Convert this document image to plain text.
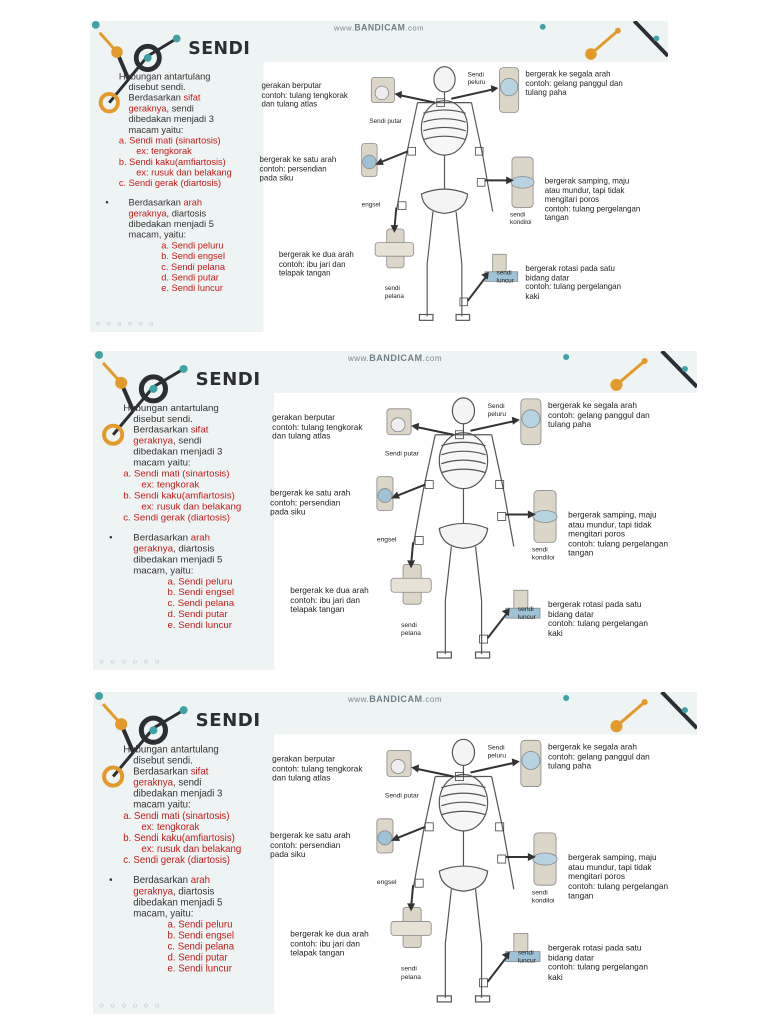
www.BANDICAM.com
SENDI

Hubungan antartulang

disebut sendi.

Berdasarkan sifat

geraknya, sendi

dibedakan menjadi 3

macam yaitu:

a. Sendi mati (sinartosis)

ex: tengkorak

b. Sendi kaku(amfiartosis)

ex: rusuk dan belakang

c. Sendi gerak (diartosis)

• Berdasarkan arah

geraknya, diartosis

dibedakan menjadi 5

macam, yaitu:

a. Sendi peluru

b. Sendi engsel

c. Sendi pelana

d. Sendi putar

e. Sendi luncur

gerakan berputar
contoh: tulang tengkorak
dan tulang atlas
bergerak ke satu arah
contoh: persendian
pada siku
bergerak ke dua arah
contoh: ibu jari dan
telapak tangan
bergerak ke segala arah
contoh: gelang panggul dan
tulang paha
bergerak samping, maju
atau mundur, tapi tidak
mengitari poros
contoh: tulang pergelangan
tangan
bergerak rotasi pada satu
bidang datar
contoh: tulang pergelangan
kaki
Sendi putar
engsel
sendi
pelana
Sendi
peluru
sendi
kondiloi
sendi
luncur
○ ○ ○ ○ ○ ○
www.BANDICAM.com
SENDI

Hubungan antartulang

disebut sendi.

Berdasarkan sifat

geraknya, sendi

dibedakan menjadi 3

macam yaitu:

a. Sendi mati (sinartosis)

ex: tengkorak

b. Sendi kaku(amfiartosis)

ex: rusuk dan belakang

c. Sendi gerak (diartosis)

• Berdasarkan arah

geraknya, diartosis

dibedakan menjadi 5

macam, yaitu:

a. Sendi peluru

b. Sendi engsel

c. Sendi pelana

d. Sendi putar

e. Sendi luncur

gerakan berputar
contoh: tulang tengkorak
dan tulang atlas
bergerak ke satu arah
contoh: persendian
pada siku
bergerak ke dua arah
contoh: ibu jari dan
telapak tangan
bergerak ke segala arah
contoh: gelang panggul dan
tulang paha
bergerak samping, maju
atau mundur, tapi tidak
mengitari poros
contoh: tulang pergelangan
tangan
bergerak rotasi pada satu
bidang datar
contoh: tulang pergelangan
kaki
Sendi putar
engsel
sendi
pelana
Sendi
peluru
sendi
kondiloi
sendi
luncur
○ ○ ○ ○ ○ ○
www.BANDICAM.com
SENDI

Hubungan antartulang

disebut sendi.

Berdasarkan sifat

geraknya, sendi

dibedakan menjadi 3

macam yaitu:

a. Sendi mati (sinartosis)

ex: tengkorak

b. Sendi kaku(amfiartosis)

ex: rusuk dan belakang

c. Sendi gerak (diartosis)

• Berdasarkan arah

geraknya, diartosis

dibedakan menjadi 5

macam, yaitu:

a. Sendi peluru

b. Sendi engsel

c. Sendi pelana

d. Sendi putar

e. Sendi luncur

gerakan berputar
contoh: tulang tengkorak
dan tulang atlas
bergerak ke satu arah
contoh: persendian
pada siku
bergerak ke dua arah
contoh: ibu jari dan
telapak tangan
bergerak ke segala arah
contoh: gelang panggul dan
tulang paha
bergerak samping, maju
atau mundur, tapi tidak
mengitari poros
contoh: tulang pergelangan
tangan
bergerak rotasi pada satu
bidang datar
contoh: tulang pergelangan
kaki
Sendi putar
engsel
sendi
pelana
Sendi
peluru
sendi
kondiloi
sendi
luncur
○ ○ ○ ○ ○ ○
